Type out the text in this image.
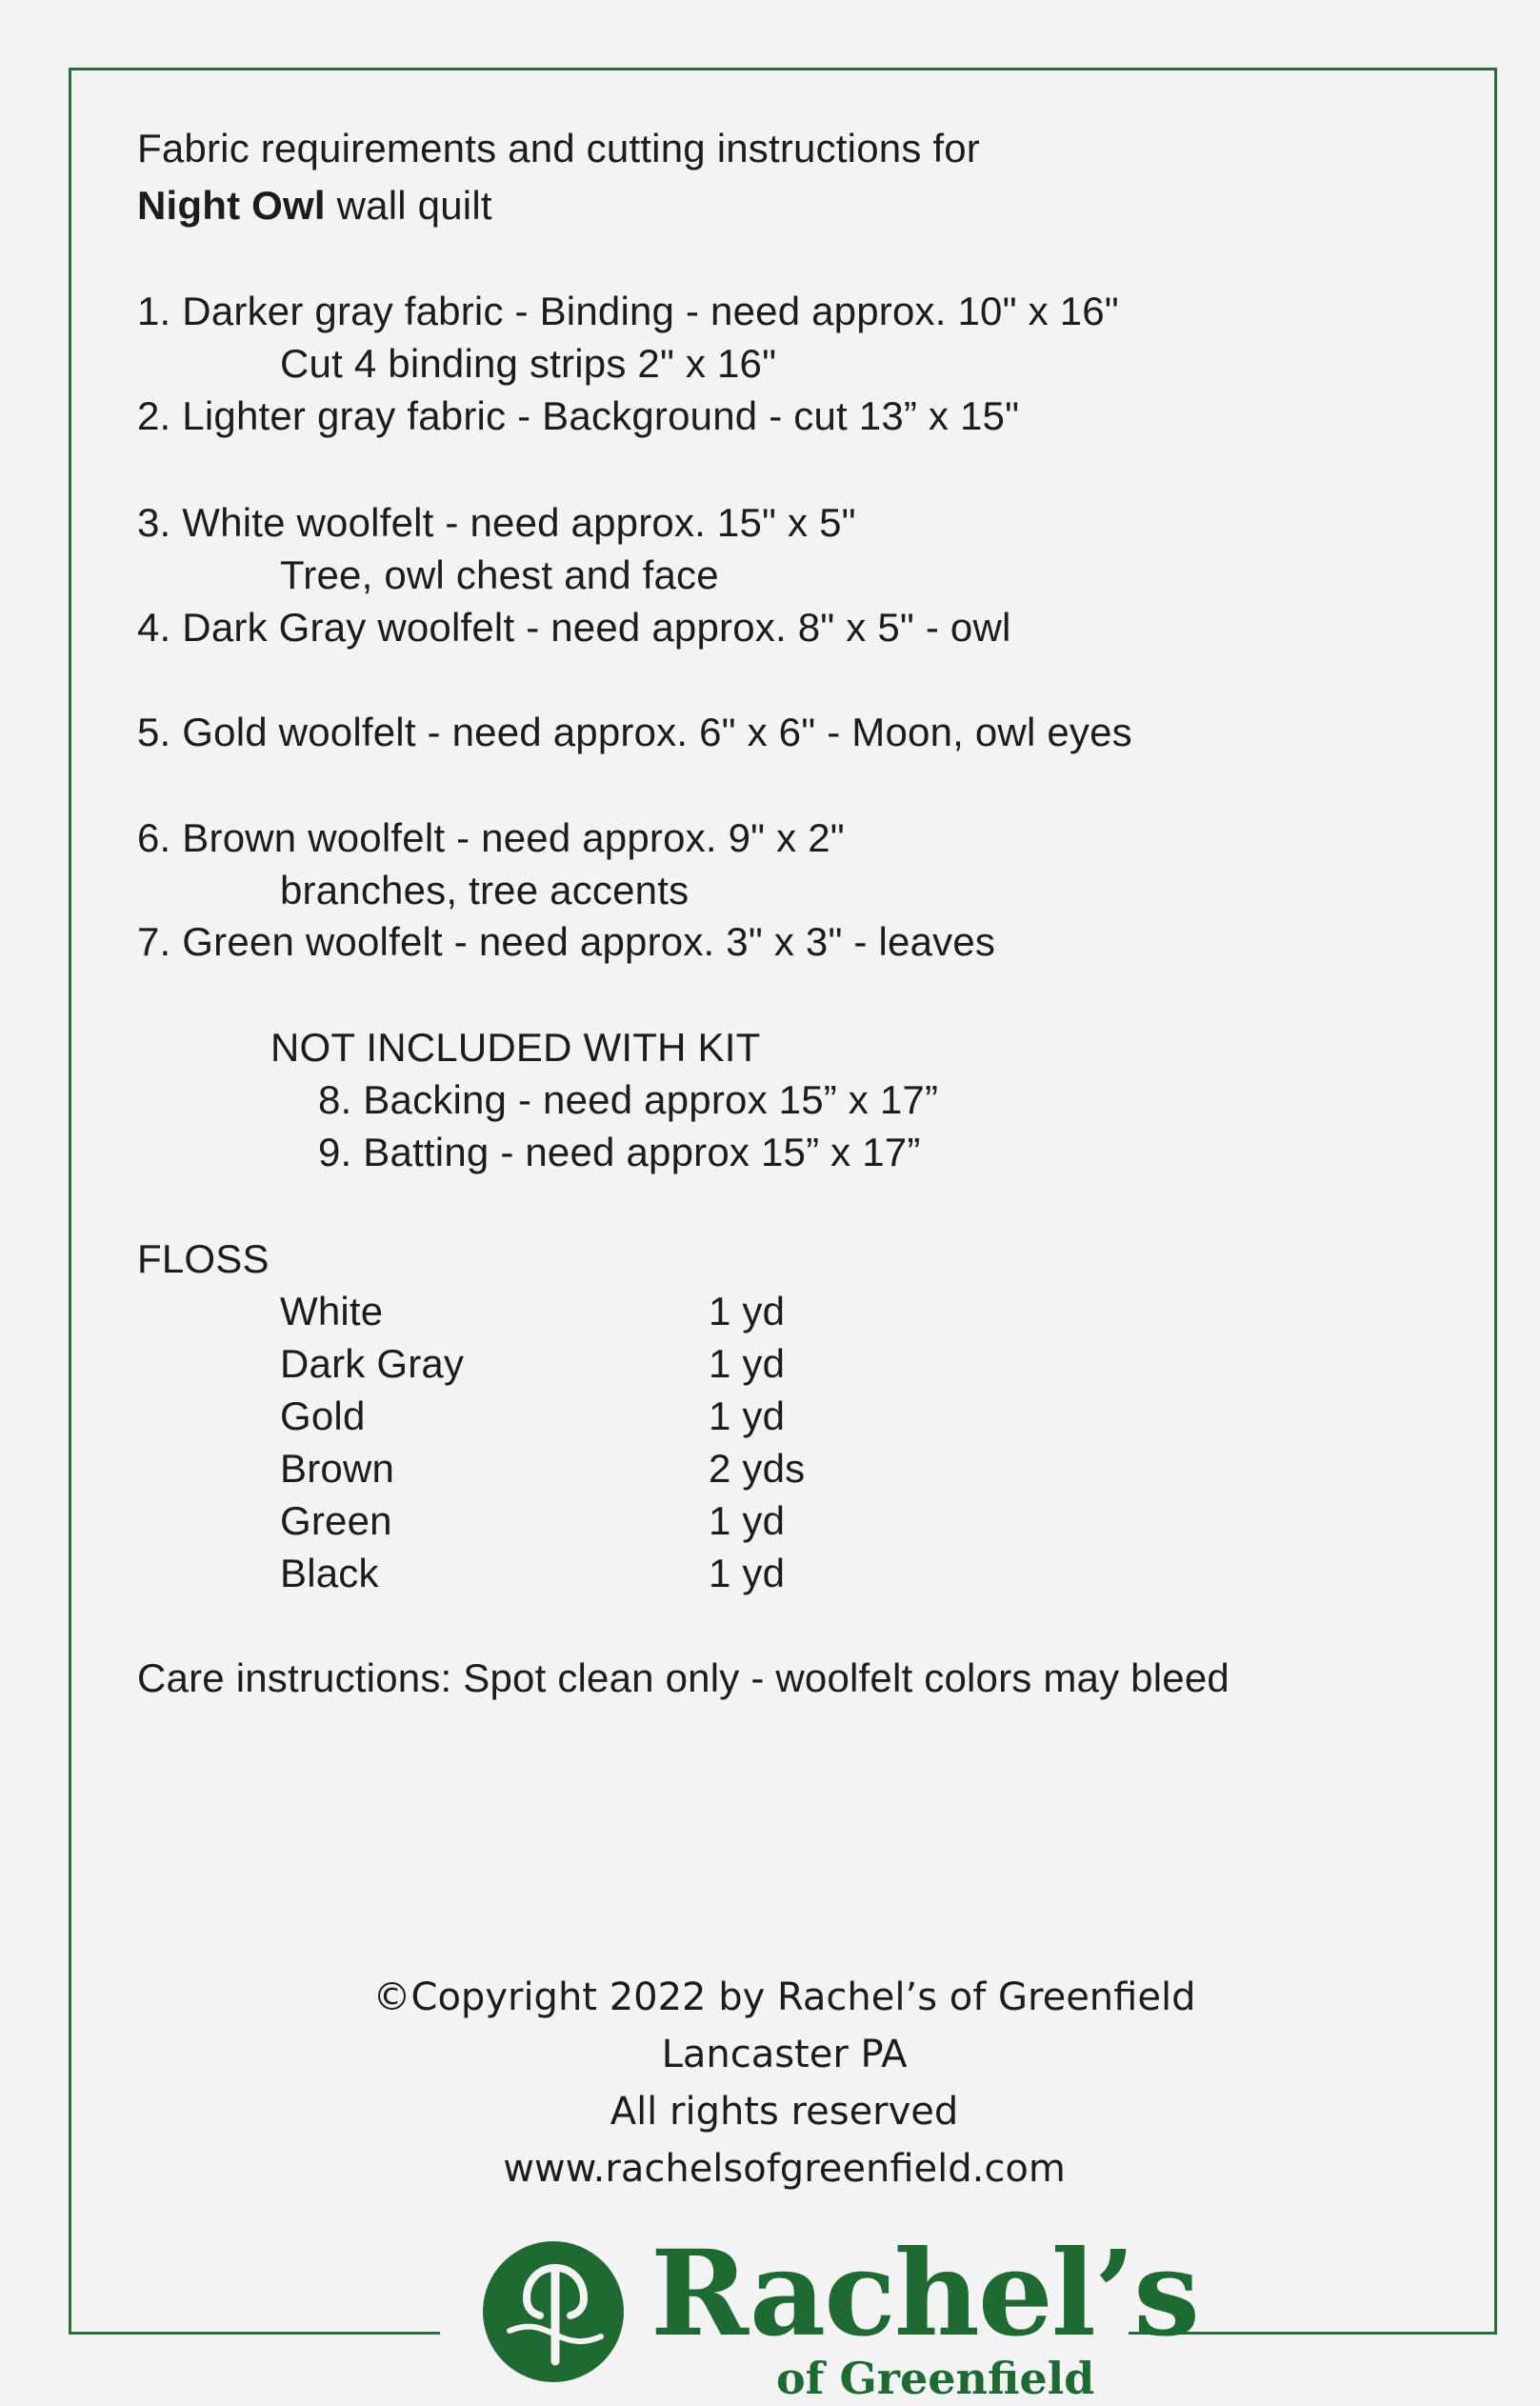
Fabric requirements and cutting instructions for
Night Owl wall quilt
1. Darker gray fabric - Binding - need approx. 10" x 16"
Cut 4 binding strips 2" x 16"
2. Lighter gray fabric - Background - cut 13” x 15"
3. White woolfelt - need approx. 15" x 5"
Tree, owl chest and face
4. Dark Gray woolfelt - need approx. 8" x 5" - owl
5. Gold woolfelt - need approx. 6" x 6" - Moon, owl eyes
6. Brown woolfelt - need approx. 9" x 2"
branches, tree accents
7. Green woolfelt - need approx. 3" x 3" - leaves
NOT INCLUDED WITH KIT
8. Backing - need approx 15” x 17”
9. Batting - need approx 15” x 17”
FLOSS
White	1 yd
Dark Gray	1 yd
Gold	1 yd
Brown	2 yds
Green	1 yd
Black	1 yd
Care instructions: Spot clean only - woolfelt colors may bleed
©Copyright 2022 by Rachel’s of Greenfield
Lancaster PA
All rights reserved
www.rachelsofgreenfield.com
Rachel’s
of Greenfield
